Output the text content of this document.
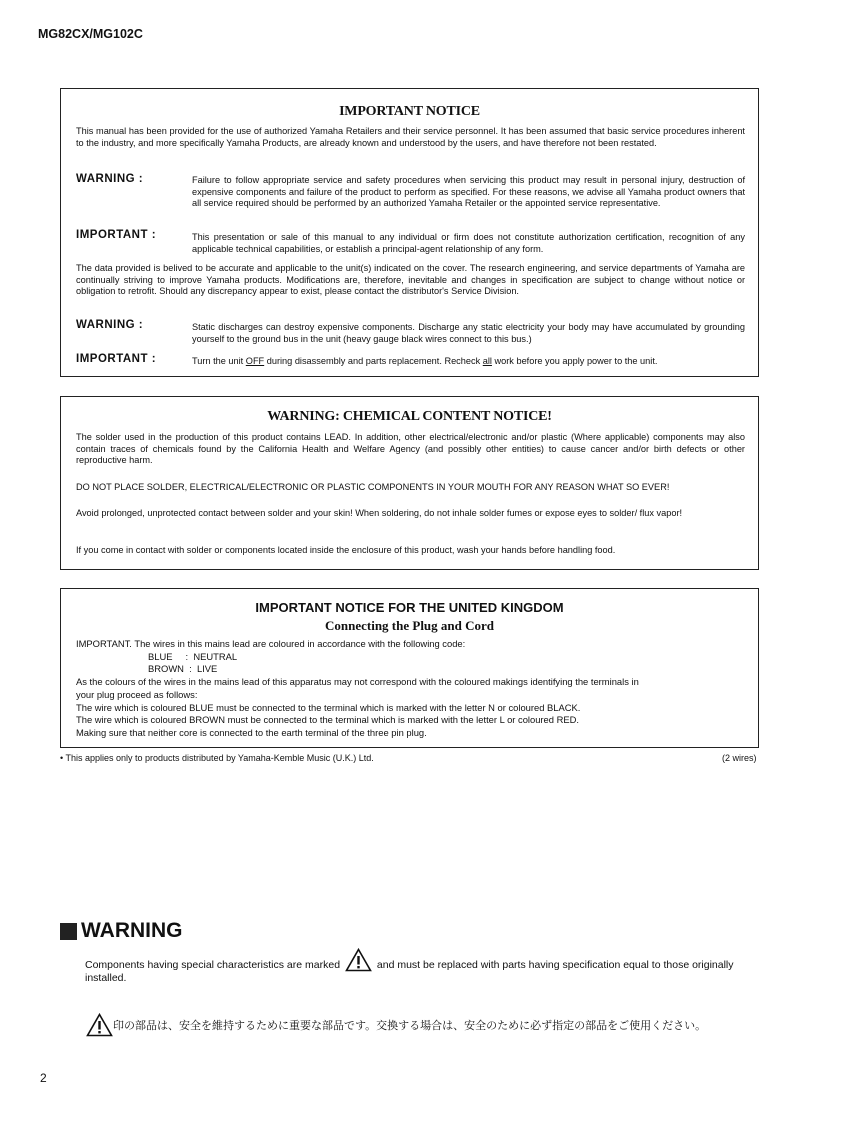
MG82CX/MG102C
IMPORTANT NOTICE
This manual has been provided for the use of authorized Yamaha Retailers and their service personnel. It has been assumed that basic service procedures inherent to the industry, and more specifically Yamaha Products, are already known and understood by the users, and have therefore not been restated.
WARNING :	Failure to follow appropriate service and safety procedures when servicing this product may result in personal injury, destruction of expensive components and failure of the product to perform as specified. For these reasons, we advise all Yamaha product owners that all service required should be performed by an authorized Yamaha Retailer or the appointed service representative.
IMPORTANT :	This presentation or sale of this manual to any individual or firm does not constitute authorization certification, recognition of any applicable technical capabilities, or establish a principal-agent relationship of any form.
The data provided is belived to be accurate and applicable to the unit(s) indicated on the cover. The research engineering, and service departments of Yamaha are continually striving to improve Yamaha products. Modifications are, therefore, inevitable and changes in specification are subject to change without notice or obligation to retrofit. Should any discrepancy appear to exist, please contact the distributor's Service Division.
WARNING :	Static discharges can destroy expensive components. Discharge any static electricity your body may have accumulated by grounding yourself to the ground bus in the unit (heavy gauge black wires connect to this bus.)
IMPORTANT :	Turn the unit OFF during disassembly and parts replacement. Recheck all work before you apply power to the unit.
WARNING: CHEMICAL CONTENT NOTICE!
The solder used in the production of this product contains LEAD. In addition, other electrical/electronic and/or plastic (Where applicable) components may also contain traces of chemicals found by the California Health and Welfare Agency (and possibly other entities) to cause cancer and/or birth defects or other reproductive harm.
DO NOT PLACE SOLDER, ELECTRICAL/ELECTRONIC OR PLASTIC COMPONENTS IN YOUR MOUTH FOR ANY REASON WHAT SO EVER!
Avoid prolonged, unprotected contact between solder and your skin! When soldering, do not inhale solder fumes or expose eyes to solder/ flux vapor!
If you come in contact with solder or components located inside the enclosure of this product, wash your hands before handling food.
IMPORTANT NOTICE FOR THE UNITED KINGDOM
Connecting the Plug and Cord
IMPORTANT. The wires in this mains lead are coloured in accordance with the following code:
BLUE     :  NEUTRAL
BROWN  :  LIVE
As the colours of the wires in the mains lead of this apparatus may not correspond with the coloured makings identifying the terminals in
your plug proceed as follows:
The wire which is coloured BLUE must be connected to the terminal which is marked with the letter N or coloured BLACK.
The wire which is coloured BROWN must be connected to the terminal which is marked with the letter L or coloured RED.
Making sure that neither core is connected to the earth terminal of the three pin plug.
• This applies only to products distributed by Yamaha-Kemble Music (U.K.) Ltd.	(2 wires)
WARNING
Components having special characteristics are marked	and must be replaced with parts having specification equal to those originally installed.
印の部品は、安全を維持するために重要な部品です。交換する場合は、安全のために必ず指定の部品をご使用ください。
2
